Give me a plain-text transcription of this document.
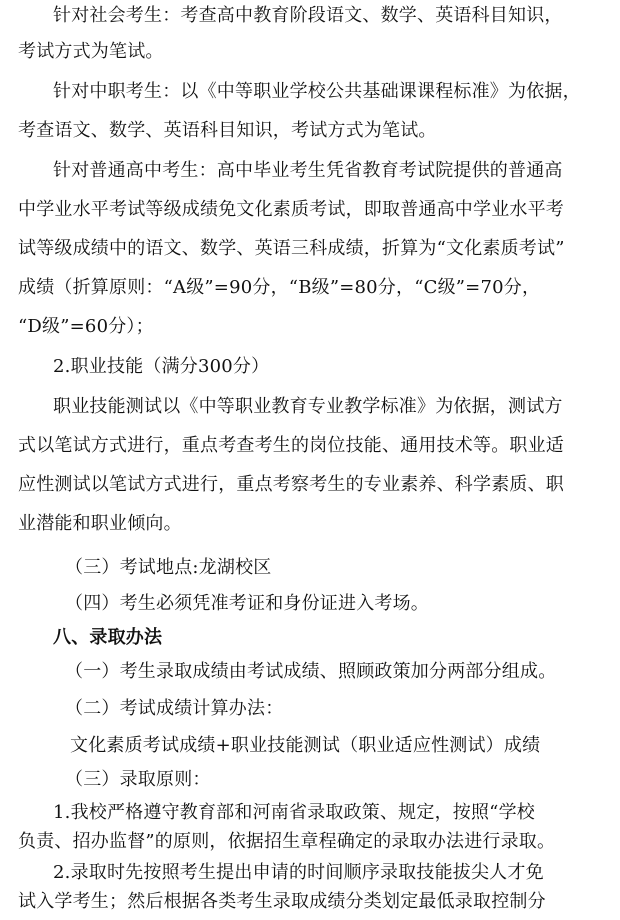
针对社会考生：考查高中教育阶段语文、数学、英语科目知识，
考试方式为笔试。
针对中职考生：以《中等职业学校公共基础课课程标准》为依据，
考查语文、数学、英语科目知识，考试方式为笔试。
针对普通高中考生：高中毕业考生凭省教育考试院提供的普通高
中学业水平考试等级成绩免文化素质考试，即取普通高中学业水平考
试等级成绩中的语文、数学、英语三科成绩，折算为“文化素质考试”
成绩（折算原则：“A级”=90分，“B级”=80分，“C级”=70分，
“D级”=60分）；
2.职业技能（满分300分）
职业技能测试以《中等职业教育专业教学标准》为依据，测试方
式以笔试方式进行，重点考查考生的岗位技能、通用技术等。职业适
应性测试以笔试方式进行，重点考察考生的专业素养、科学素质、职
业潜能和职业倾向。
（三）考试地点:龙湖校区
（四）考生必须凭准考证和身份证进入考场。
八、录取办法
（一）考生录取成绩由考试成绩、照顾政策加分两部分组成。
（二）考试成绩计算办法：
文化素质考试成绩+职业技能测试（职业适应性测试）成绩
（三）录取原则：
1.我校严格遵守教育部和河南省录取政策、规定，按照“学校
负责、招办监督”的原则，依据招生章程确定的录取办法进行录取。
2.录取时先按照考生提出申请的时间顺序录取技能拔尖人才免
试入学考生；然后根据各类考生录取成绩分类划定最低录取控制分
